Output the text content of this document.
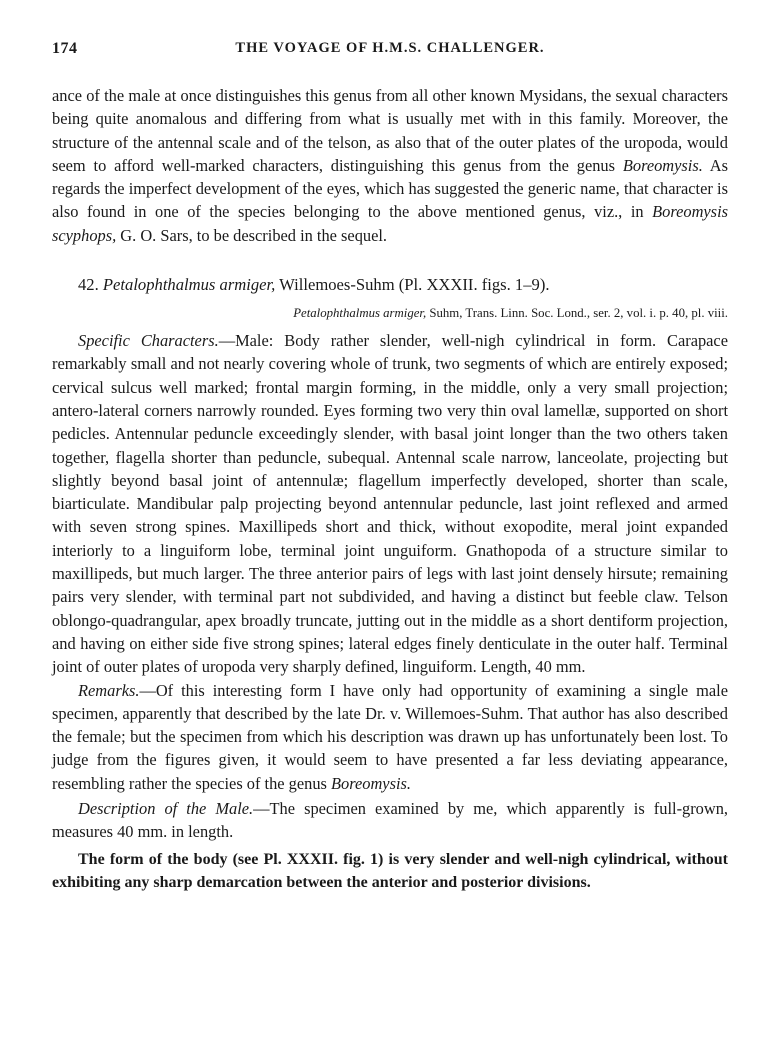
174	THE VOYAGE OF H.M.S. CHALLENGER.

ance of the male at once distinguishes this genus from all other known Mysidans, the sexual characters being quite anomalous and differing from what is usually met with in this family. Moreover, the structure of the antennal scale and of the telson, as also that of the outer plates of the uropoda, would seem to afford well-marked characters, distinguishing this genus from the genus Boreomysis. As regards the imperfect development of the eyes, which has suggested the generic name, that character is also found in one of the species belonging to the above mentioned genus, viz., in Boreomysis scyphops, G. O. Sars, to be described in the sequel.

42. Petalophthalmus armiger, Willemoes-Suhm (Pl. XXXII. figs. 1–9).

Petalophthalmus armiger, Suhm, Trans. Linn. Soc. Lond., ser. 2, vol. i. p. 40, pl. viii.

Specific Characters.—Male: Body rather slender, well-nigh cylindrical in form. Carapace remarkably small and not nearly covering whole of trunk, two segments of which are entirely exposed; cervical sulcus well marked; frontal margin forming, in the middle, only a very small projection; antero-lateral corners narrowly rounded. Eyes forming two very thin oval lamellæ, supported on short pedicles. Antennular peduncle exceedingly slender, with basal joint longer than the two others taken together, flagella shorter than peduncle, subequal. Antennal scale narrow, lanceolate, projecting but slightly beyond basal joint of antennulæ; flagellum imperfectly developed, shorter than scale, biarticulate. Mandibular palp projecting beyond antennular peduncle, last joint reflexed and armed with seven strong spines. Maxillipeds short and thick, without exopodite, meral joint expanded interiorly to a linguiform lobe, terminal joint unguiform. Gnathopoda of a structure similar to maxillipeds, but much larger. The three anterior pairs of legs with last joint densely hirsute; remaining pairs very slender, with terminal part not subdivided, and having a distinct but feeble claw. Telson oblongo-quadrangular, apex broadly truncate, jutting out in the middle as a short dentiform projection, and having on either side five strong spines; lateral edges finely denticulate in the outer half. Terminal joint of outer plates of uropoda very sharply defined, linguiform. Length, 40 mm.

Remarks.—Of this interesting form I have only had opportunity of examining a single male specimen, apparently that described by the late Dr. v. Willemoes-Suhm. That author has also described the female; but the specimen from which his description was drawn up has unfortunately been lost. To judge from the figures given, it would seem to have presented a far less deviating appearance, resembling rather the species of the genus Boreomysis.

Description of the Male.—The specimen examined by me, which apparently is full-grown, measures 40 mm. in length.

The form of the body (see Pl. XXXII. fig. 1) is very slender and well-nigh cylindrical, without exhibiting any sharp demarcation between the anterior and posterior divisions.
